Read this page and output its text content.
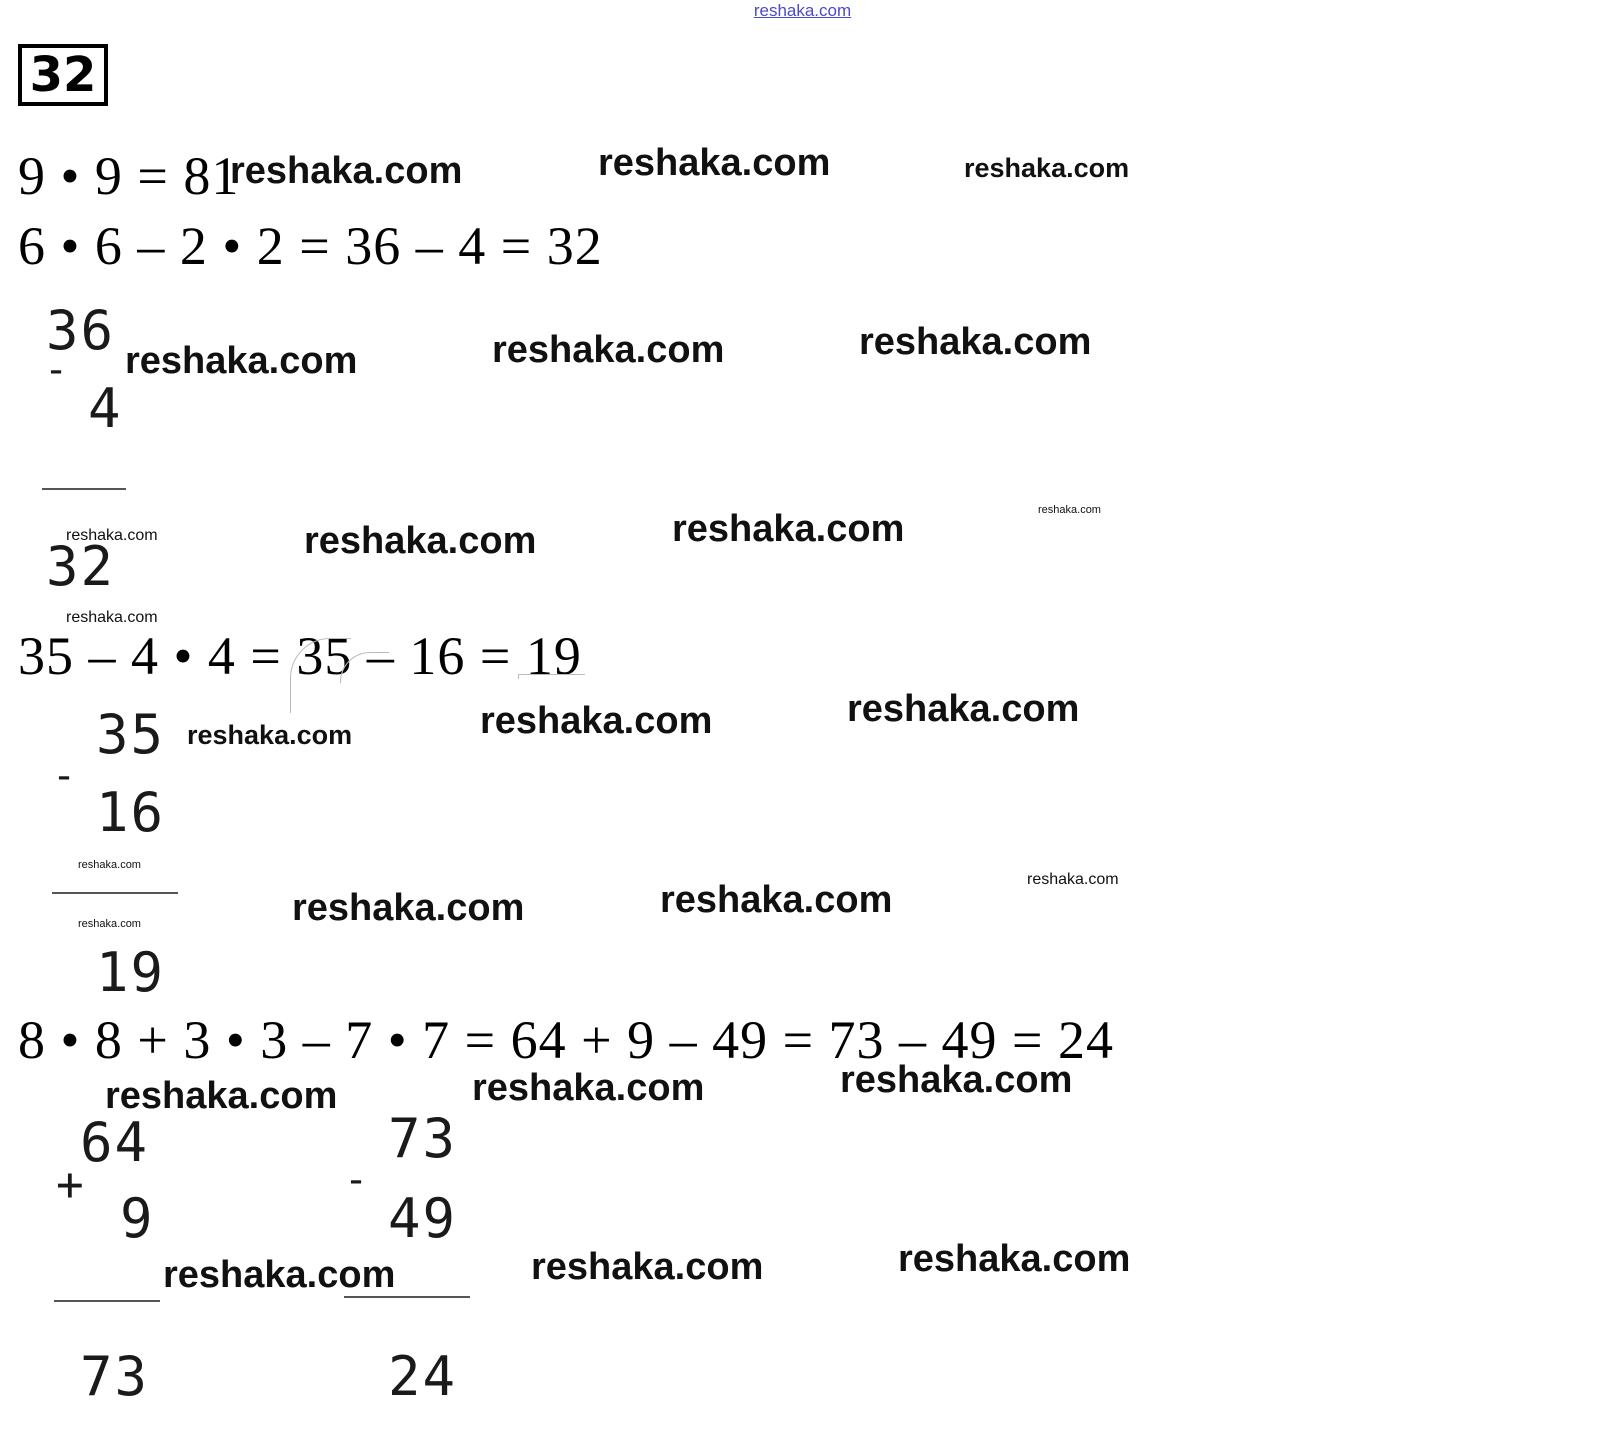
reshaka.com
32
9 • 9 = 81
6 • 6 – 2 • 2 = 36 – 4 = 32
35 – 4 • 4 = 35 – 16 = 19
8 • 8 + 3 • 3 – 7 • 7 = 64 + 9 – 49 = 73 – 49 = 24
36
-
4
32
35
-
16
19
64
+
9
73
73
-
49
24
reshaka.com	reshaka.com	reshaka.com
reshaka.com	reshaka.com	reshaka.com
reshaka.com	reshaka.com	reshaka.com	reshaka.com
reshaka.com
reshaka.com	reshaka.com	reshaka.com
reshaka.com
reshaka.com
reshaka.com	reshaka.com
reshaka.com
reshaka.com	reshaka.com	reshaka.com
reshaka.com	reshaka.com	reshaka.com
